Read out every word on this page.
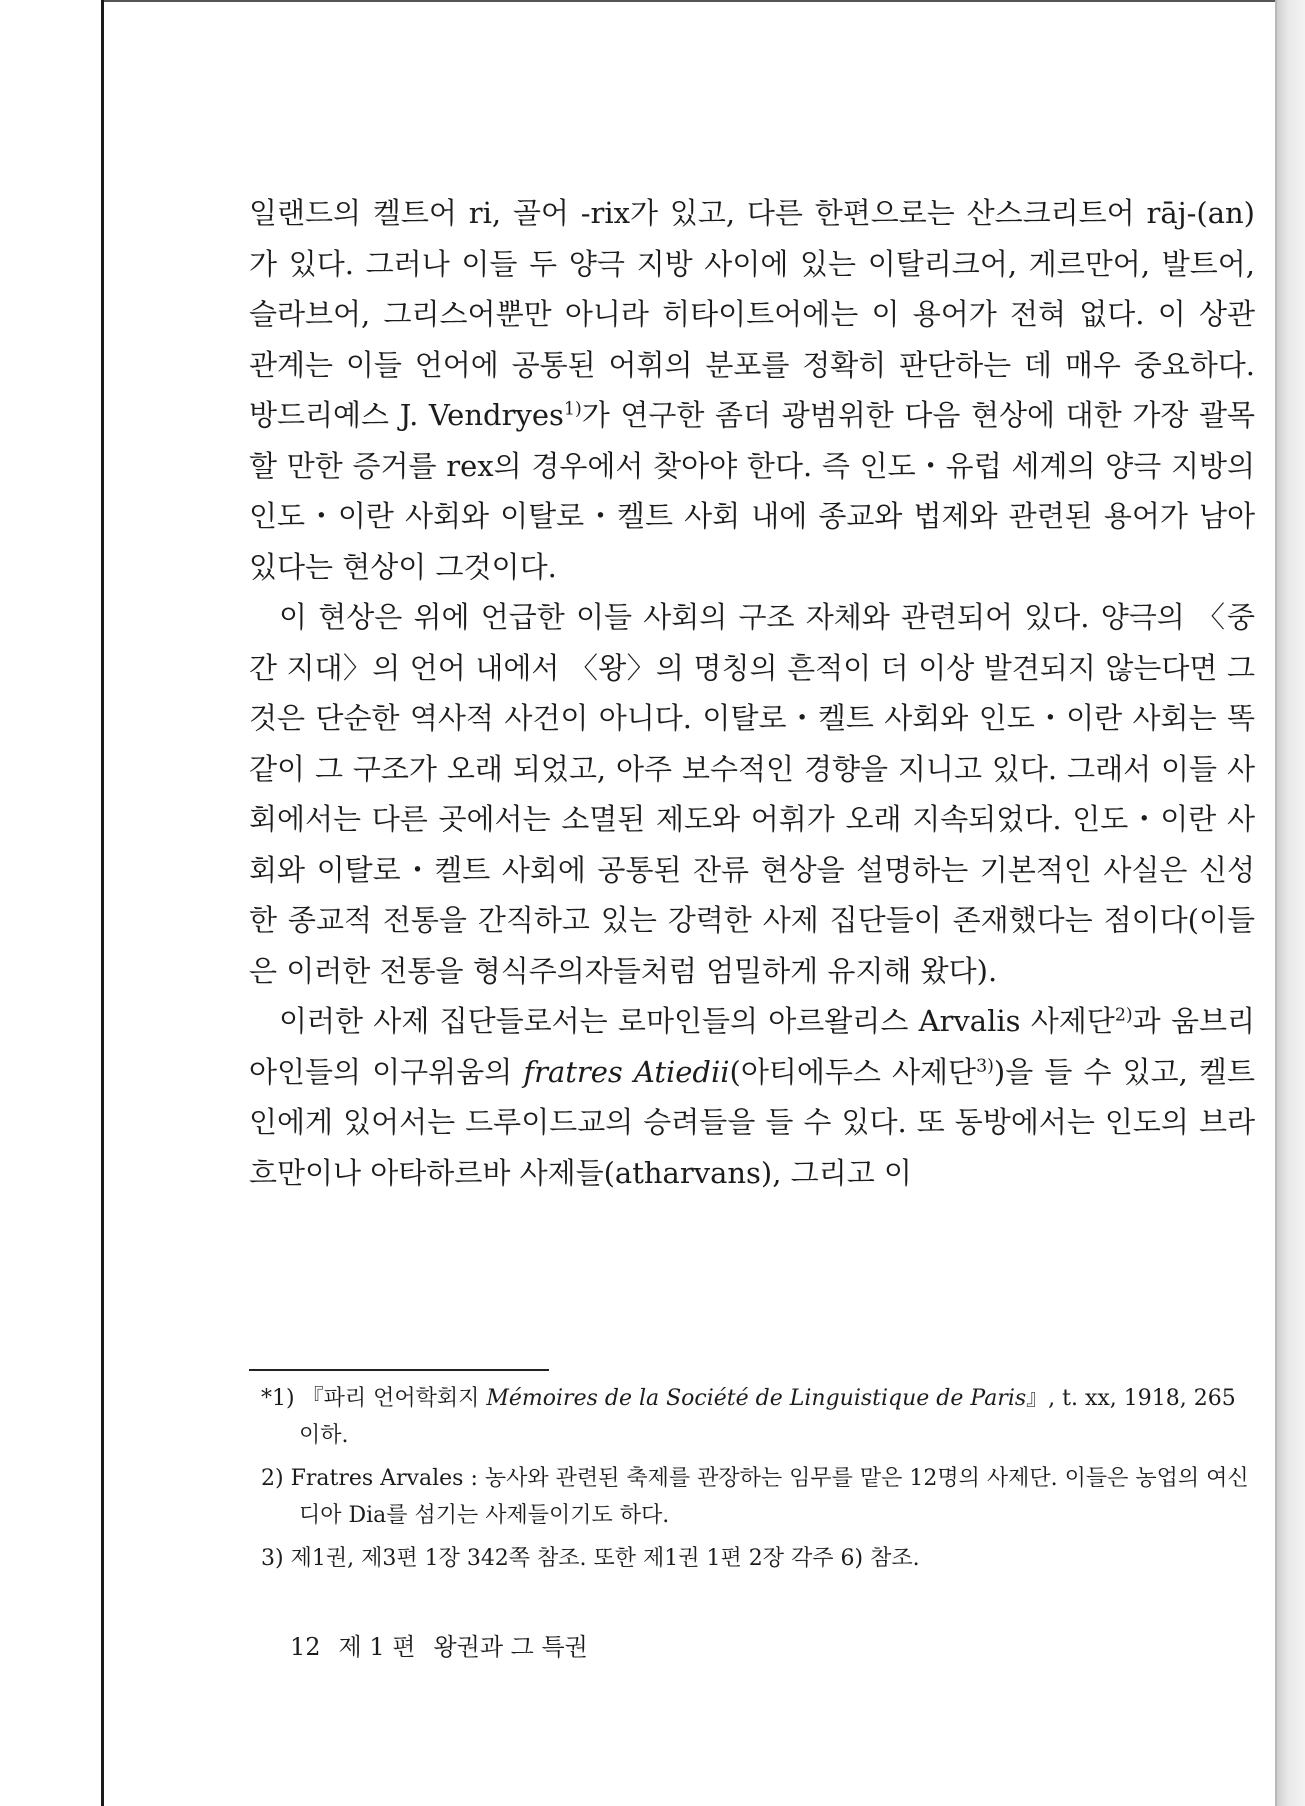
일랜드의 켈트어 ri, 골어 -rix가 있고, 다른 한편으로는 산스크리트어 rāj-(an)가 있다. 그러나 이들 두 양극 지방 사이에 있는 이탈리크어, 게르만어, 발트어, 슬라브어, 그리스어뿐만 아니라 히타이트어에는 이 용어가 전혀 없다. 이 상관 관계는 이들 언어에 공통된 어휘의 분포를 정확히 판단하는 데 매우 중요하다. 방드리예스 J. Vendryes$^{1)}$가 연구한 좀더 광범위한 다음 현상에 대한 가장 괄목할 만한 증거를 rex의 경우에서 찾아야 한다. 즉 인도・유럽 세계의 양극 지방의 인도・이란 사회와 이탈로・켈트 사회 내에 종교와 법제와 관련된 용어가 남아 있다는 현상이 그것이다.

이 현상은 위에 언급한 이들 사회의 구조 자체와 관련되어 있다. 양극의 〈중간 지대〉의 언어 내에서 〈왕〉의 명칭의 흔적이 더 이상 발견되지 않는다면 그것은 단순한 역사적 사건이 아니다. 이탈로・켈트 사회와 인도・이란 사회는 똑같이 그 구조가 오래 되었고, 아주 보수적인 경향을 지니고 있다. 그래서 이들 사회에서는 다른 곳에서는 소멸된 제도와 어휘가 오래 지속되었다. 인도・이란 사회와 이탈로・켈트 사회에 공통된 잔류 현상을 설명하는 기본적인 사실은 신성한 종교적 전통을 간직하고 있는 강력한 사제 집단들이 존재했다는 점이다(이들은 이러한 전통을 형식주의자들처럼 엄밀하게 유지해 왔다).

이러한 사제 집단들로서는 로마인들의 아르왈리스 Arvalis 사제단$^{2)}$과 움브리아인들의 이구위움의 fratres Atiedii(아티에두스 사제단$^{3)}$)을 들 수 있고, 켈트인에게 있어서는 드루이드교의 승려들을 들 수 있다. 또 동방에서는 인도의 브라흐만이나 아타하르바 사제들(atharvans), 그리고 이

*1) 『파리 언어학회지 Mémoires de la Société de Linguistique de Paris』, t. xx, 1918, 265 이하.

2) Fratres Arvales : 농사와 관련된 축제를 관장하는 임무를 맡은 12명의 사제단. 이들은 농업의 여신 디아 Dia를 섬기는 사제들이기도 하다.

3) 제1권, 제3편 1장 342쪽 참조. 또한 제1권 1편 2장 각주 6) 참조.

12 제 1 편 왕권과 그 특권
